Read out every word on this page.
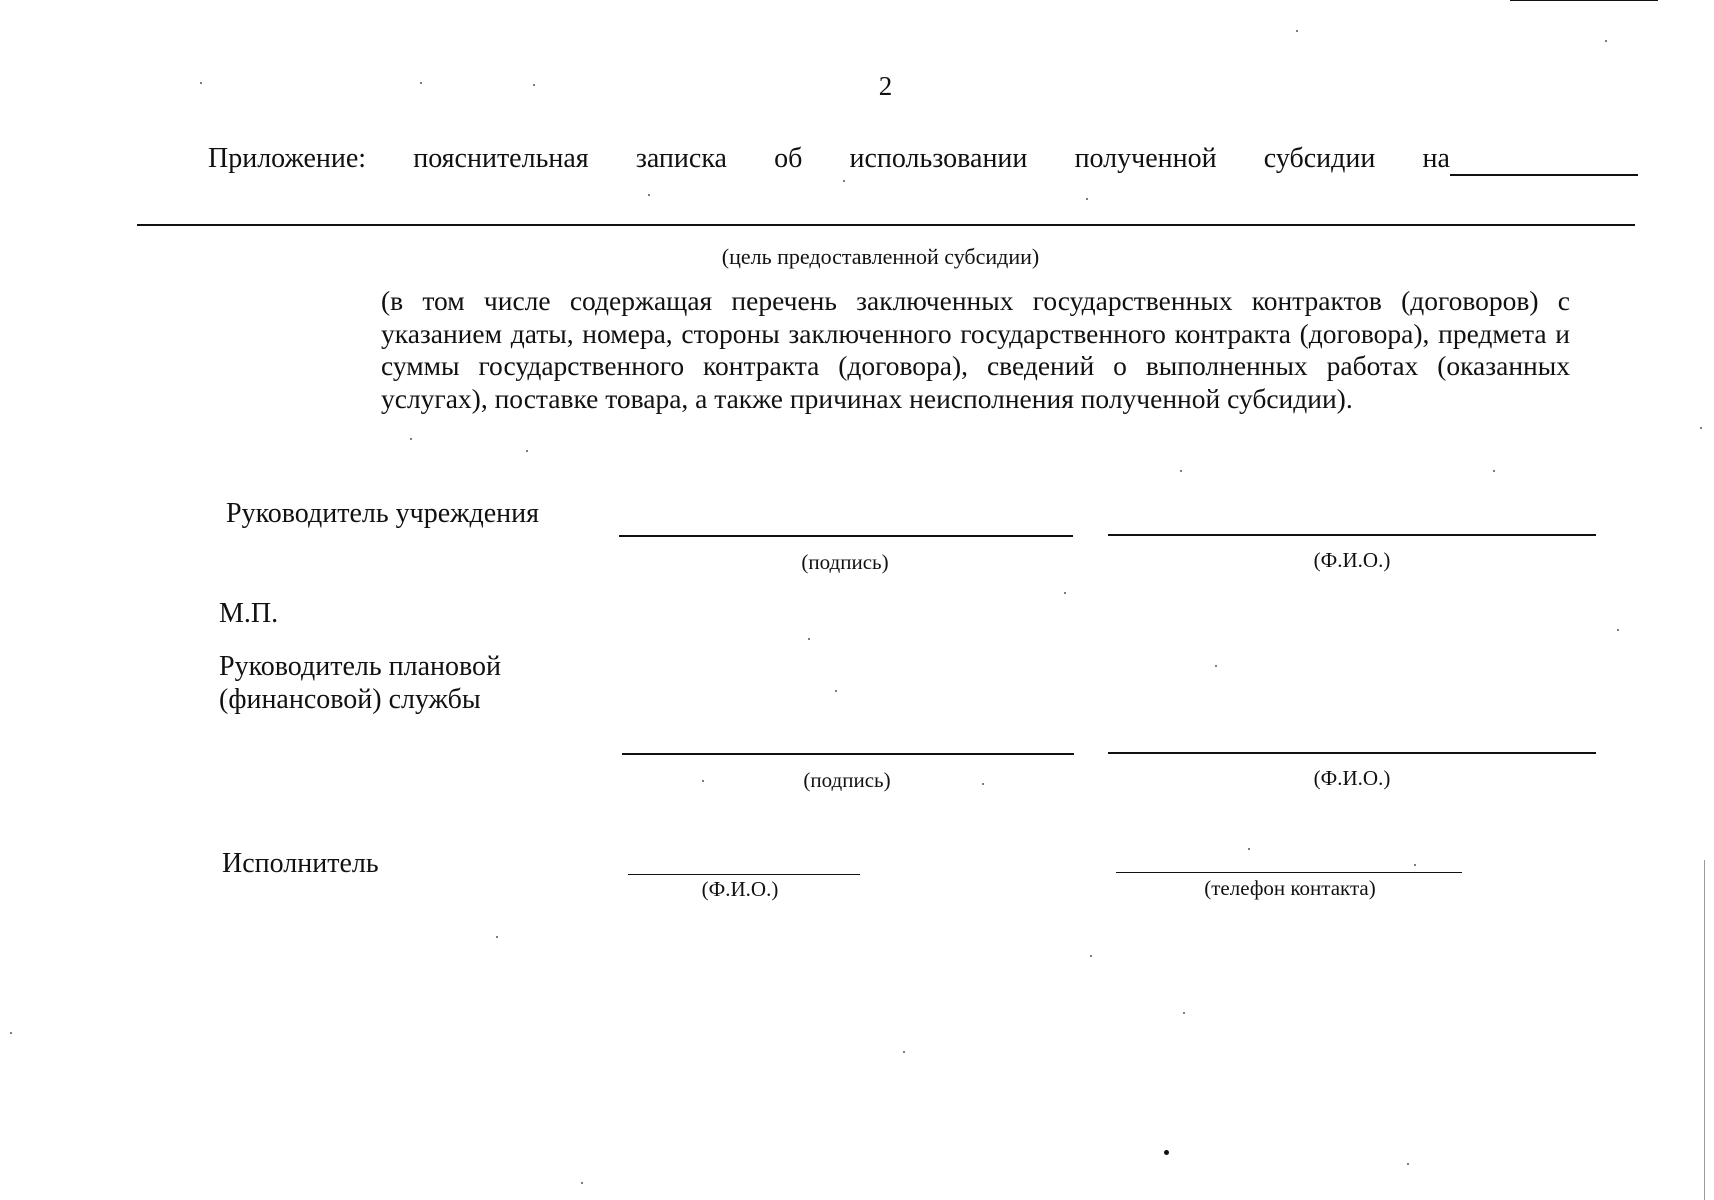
2
Приложение: пояснительная записка об использовании полученной субсидии на
(цель предоставленной субсидии)
(в том числе содержащая перечень заключенных государственных контрактов (договоров) с указанием даты, номера, стороны заключенного государственного контракта (договора), предмета и суммы государственного контракта (договора), сведений о выполненных работах (оказанных услугах), поставке товара, а также причинах неисполнения полученной субсидии).
Руководитель учреждения
(подпись)	(Ф.И.О.)
М.П.
Руководитель плановой
(финансовой) службы
(подпись)	(Ф.И.О.)
Исполнитель
(Ф.И.О.)	(телефон контакта)
